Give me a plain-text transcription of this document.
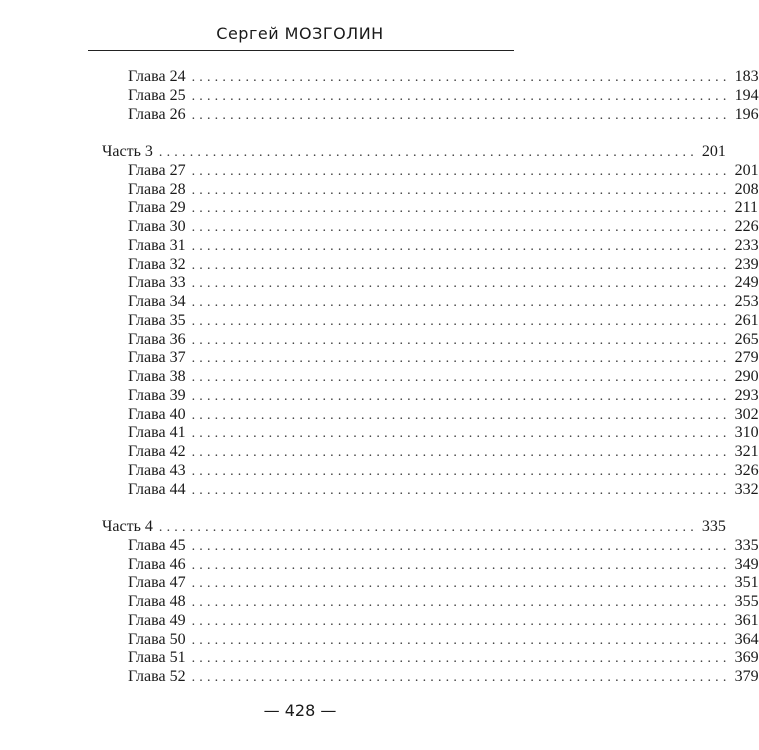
Сергей МОЗГОЛИН
Глава 24 ...................................................................... 183
Глава 25 ...................................................................... 194
Глава 26 ...................................................................... 196
Часть 3 ...................................................................... 201
Глава 27 ...................................................................... 201
Глава 28 ...................................................................... 208
Глава 29 ...................................................................... 211
Глава 30 ...................................................................... 226
Глава 31 ...................................................................... 233
Глава 32 ...................................................................... 239
Глава 33 ...................................................................... 249
Глава 34 ...................................................................... 253
Глава 35 ...................................................................... 261
Глава 36 ...................................................................... 265
Глава 37 ...................................................................... 279
Глава 38 ...................................................................... 290
Глава 39 ...................................................................... 293
Глава 40 ...................................................................... 302
Глава 41 ...................................................................... 310
Глава 42 ...................................................................... 321
Глава 43 ...................................................................... 326
Глава 44 ...................................................................... 332
Часть 4 ...................................................................... 335
Глава 45 ...................................................................... 335
Глава 46 ...................................................................... 349
Глава 47 ...................................................................... 351
Глава 48 ...................................................................... 355
Глава 49 ...................................................................... 361
Глава 50 ...................................................................... 364
Глава 51 ...................................................................... 369
Глава 52 ...................................................................... 379
— 428 —
